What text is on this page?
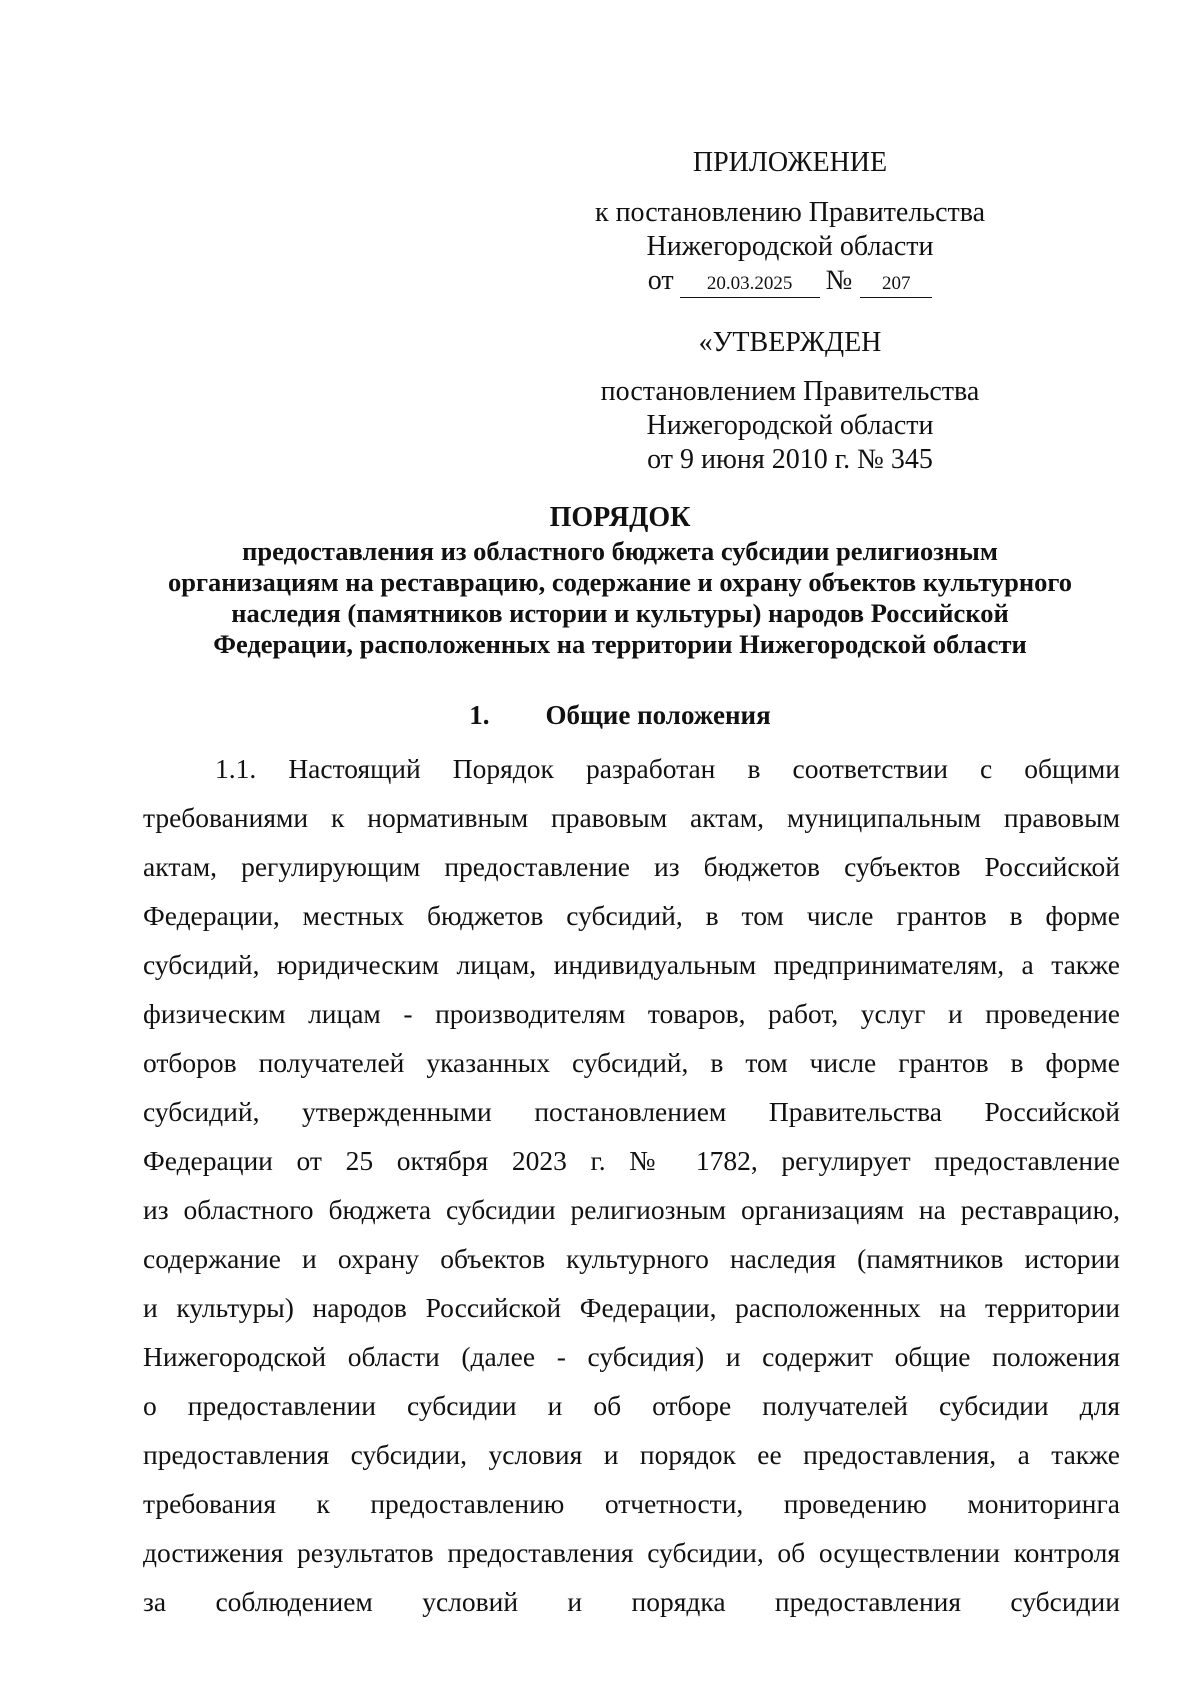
ПРИЛОЖЕНИЕ
к постановлению Правительства
Нижегородской области
от 20.03.2025 № 207
«УТВЕРЖДЕН
постановлением Правительства
Нижегородской области
от 9 июня 2010 г. № 345
ПОРЯДОК
предоставления из областного бюджета субсидии религиозным
организациям на реставрацию, содержание и охрану объектов культурного
наследия (памятников истории и культуры) народов Российской
Федерации, расположенных на территории Нижегородской области
1. Общие положения
1.1. Настоящий Порядок разработан в соответствии с общими
требованиями к нормативным правовым актам, муниципальным правовым
актам, регулирующим предоставление из бюджетов субъектов Российской
Федерации, местных бюджетов субсидий, в том числе грантов в форме
субсидий, юридическим лицам, индивидуальным предпринимателям, а также
физическим лицам - производителям товаров, работ, услуг и проведение
отборов получателей указанных субсидий, в том числе грантов в форме
субсидий, утвержденными постановлением Правительства Российской
Федерации от 25 октября 2023 г. № 1782, регулирует предоставление
из областного бюджета субсидии религиозным организациям на реставрацию,
содержание и охрану объектов культурного наследия (памятников истории
и культуры) народов Российской Федерации, расположенных на территории
Нижегородской области (далее - субсидия) и содержит общие положения
о предоставлении субсидии и об отборе получателей субсидии для
предоставления субсидии, условия и порядок ее предоставления, а также
требования к предоставлению отчетности, проведению мониторинга
достижения результатов предоставления субсидии, об осуществлении контроля
за соблюдением условий и порядка предоставления субсидии
